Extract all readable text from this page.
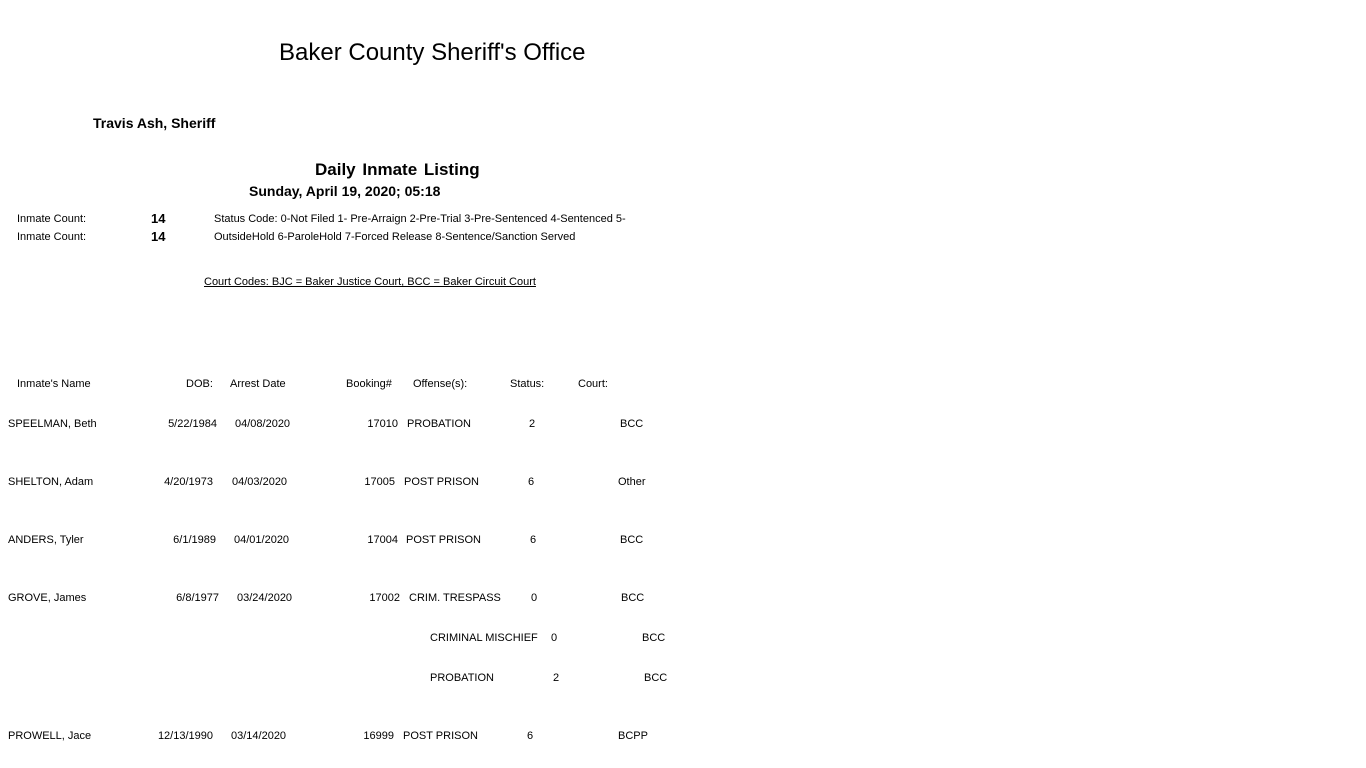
Baker County Sheriff's Office
Travis Ash, Sheriff
Daily Inmate Listing
Sunday, April 19, 2020; 05:18
Inmate Count:	14
Inmate Count:	14
Status Code: 0-Not Filed 1- Pre-Arraign 2-Pre-Trial 3-Pre-Sentenced 4-Sentenced 5-
OutsideHold 6-ParoleHold 7-Forced Release 8-Sentence/Sanction Served
Court Codes: BJC = Baker Justice Court, BCC = Baker Circuit Court
Inmate's Name	DOB: Arrest Date	Booking# Offense(s):	Status:	Court:
SPEELMAN, Beth	5/22/1984 04/08/2020	17010 PROBATION	2	BCC
SHELTON, Adam	4/20/1973 04/03/2020	17005 POST PRISON	6	Other
ANDERS, Tyler	6/1/1989 04/01/2020	17004 POST PRISON	6	BCC
GROVE, James	6/8/1977 03/24/2020	17002 CRIM. TRESPASS	0	BCC
CRIMINAL MISCHIEF 0	BCC
PROBATION	2	BCC
PROWELL, Jace	12/13/1990 03/14/2020	16999 POST PRISON	6	BCPP
